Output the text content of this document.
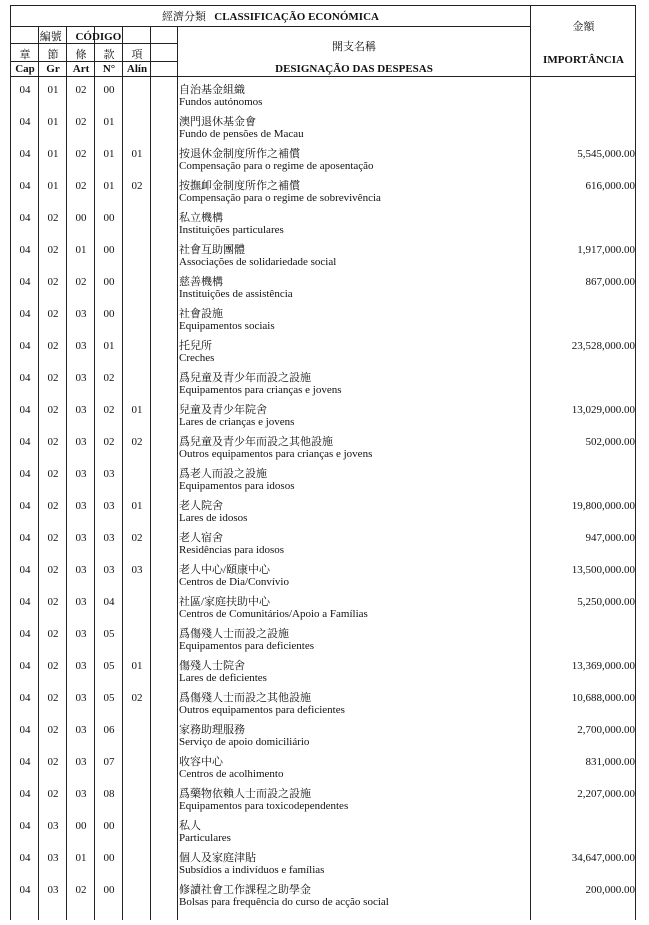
經濟分類 CLASSIFICAÇÃO ECONÓMICA
編號 CÓDIGO
章	節	條	款	項
Cap	Gr	Art	N°	Alín
開支名稱
DESIGNAÇÃO DAS DESPESAS
金額
IMPORTÂNCIA
04	01	02	00	自治基金組織
Fundos autónomos
04	01	02	01	澳門退休基金會
Fundo de pensões de Macau
04	01	02	01	01	按退休金制度所作之補償
Compensação para o regime de aposentação
5,545,000.00
04	01	02	01	02	按撫卹金制度所作之補償
Compensação para o regime de sobrevivência
616,000.00
04	02	00	00	私立機構
Instituições particulares
04	02	01	00	社會互助團體
Associações de solidariedade social
1,917,000.00
04	02	02	00	慈善機構
Instituições de assistência
867,000.00
04	02	03	00	社會設施
Equipamentos sociais
04	02	03	01	托兒所
Creches
23,528,000.00
04	02	03	02	爲兒童及青少年而設之設施
Equipamentos para crianças e jovens
04	02	03	02	01	兒童及青少年院舍
Lares de crianças e jovens
13,029,000.00
04	02	03	02	02	爲兒童及青少年而設之其他設施
Outros equipamentos para crianças e jovens
502,000.00
04	02	03	03	爲老人而設之設施
Equipamentos para idosos
04	02	03	03	01	老人院舍
Lares de idosos
19,800,000.00
04	02	03	03	02	老人宿舍
Residências para idosos
947,000.00
04	02	03	03	03	老人中心/頤康中心
Centros de Dia/Convívio
13,500,000.00
04	02	03	04	社區/家庭扶助中心
Centros de Comunitários/Apoio a Famílias
5,250,000.00
04	02	03	05	爲傷殘人士而設之設施
Equipamentos para deficientes
04	02	03	05	01	傷殘人士院舍
Lares de deficientes
13,369,000.00
04	02	03	05	02	爲傷殘人士而設之其他設施
Outros equipamentos para deficientes
10,688,000.00
04	02	03	06	家務助理服務
Serviço de apoio domiciliário
2,700,000.00
04	02	03	07	收容中心
Centros de acolhimento
831,000.00
04	02	03	08	爲藥物依賴人士而設之設施
Equipamentos para toxicodependentes
2,207,000.00
04	03	00	00	私人
Particulares
04	03	01	00	個人及家庭津貼
Subsídios a indivíduos e famílias
34,647,000.00
04	03	02	00	修讀社會工作課程之助學金
Bolsas para frequência do curso de acção social
200,000.00
